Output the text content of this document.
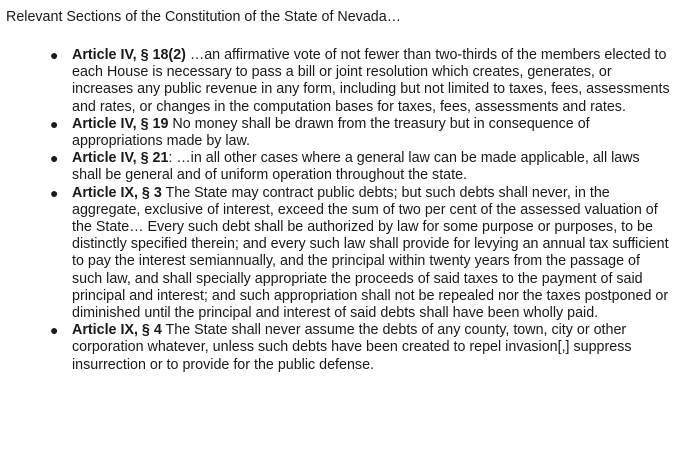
Relevant Sections of the Constitution of the State of Nevada…
● Article IV, § 18(2) …an affirmative vote of not fewer than two-thirds of the members elected to each House is necessary to pass a bill or joint resolution which creates, generates, or increases any public revenue in any form, including but not limited to taxes, fees, assessments and rates, or changes in the computation bases for taxes, fees, assessments and rates.
● Article IV, § 19 No money shall be drawn from the treasury but in consequence of appropriations made by law.
● Article IV, § 21: …in all other cases where a general law can be made applicable, all laws shall be general and of uniform operation throughout the state.
● Article IX, § 3 The State may contract public debts; but such debts shall never, in the aggregate, exclusive of interest, exceed the sum of two per cent of the assessed valuation of the State… Every such debt shall be authorized by law for some purpose or purposes, to be distinctly specified therein; and every such law shall provide for levying an annual tax sufficient to pay the interest semiannually, and the principal within twenty years from the passage of such law, and shall specially appropriate the proceeds of said taxes to the payment of said principal and interest; and such appropriation shall not be repealed nor the taxes postponed or diminished until the principal and interest of said debts shall have been wholly paid.
● Article IX, § 4 The State shall never assume the debts of any county, town, city or other corporation whatever, unless such debts have been created to repel invasion[,] suppress insurrection or to provide for the public defense.
